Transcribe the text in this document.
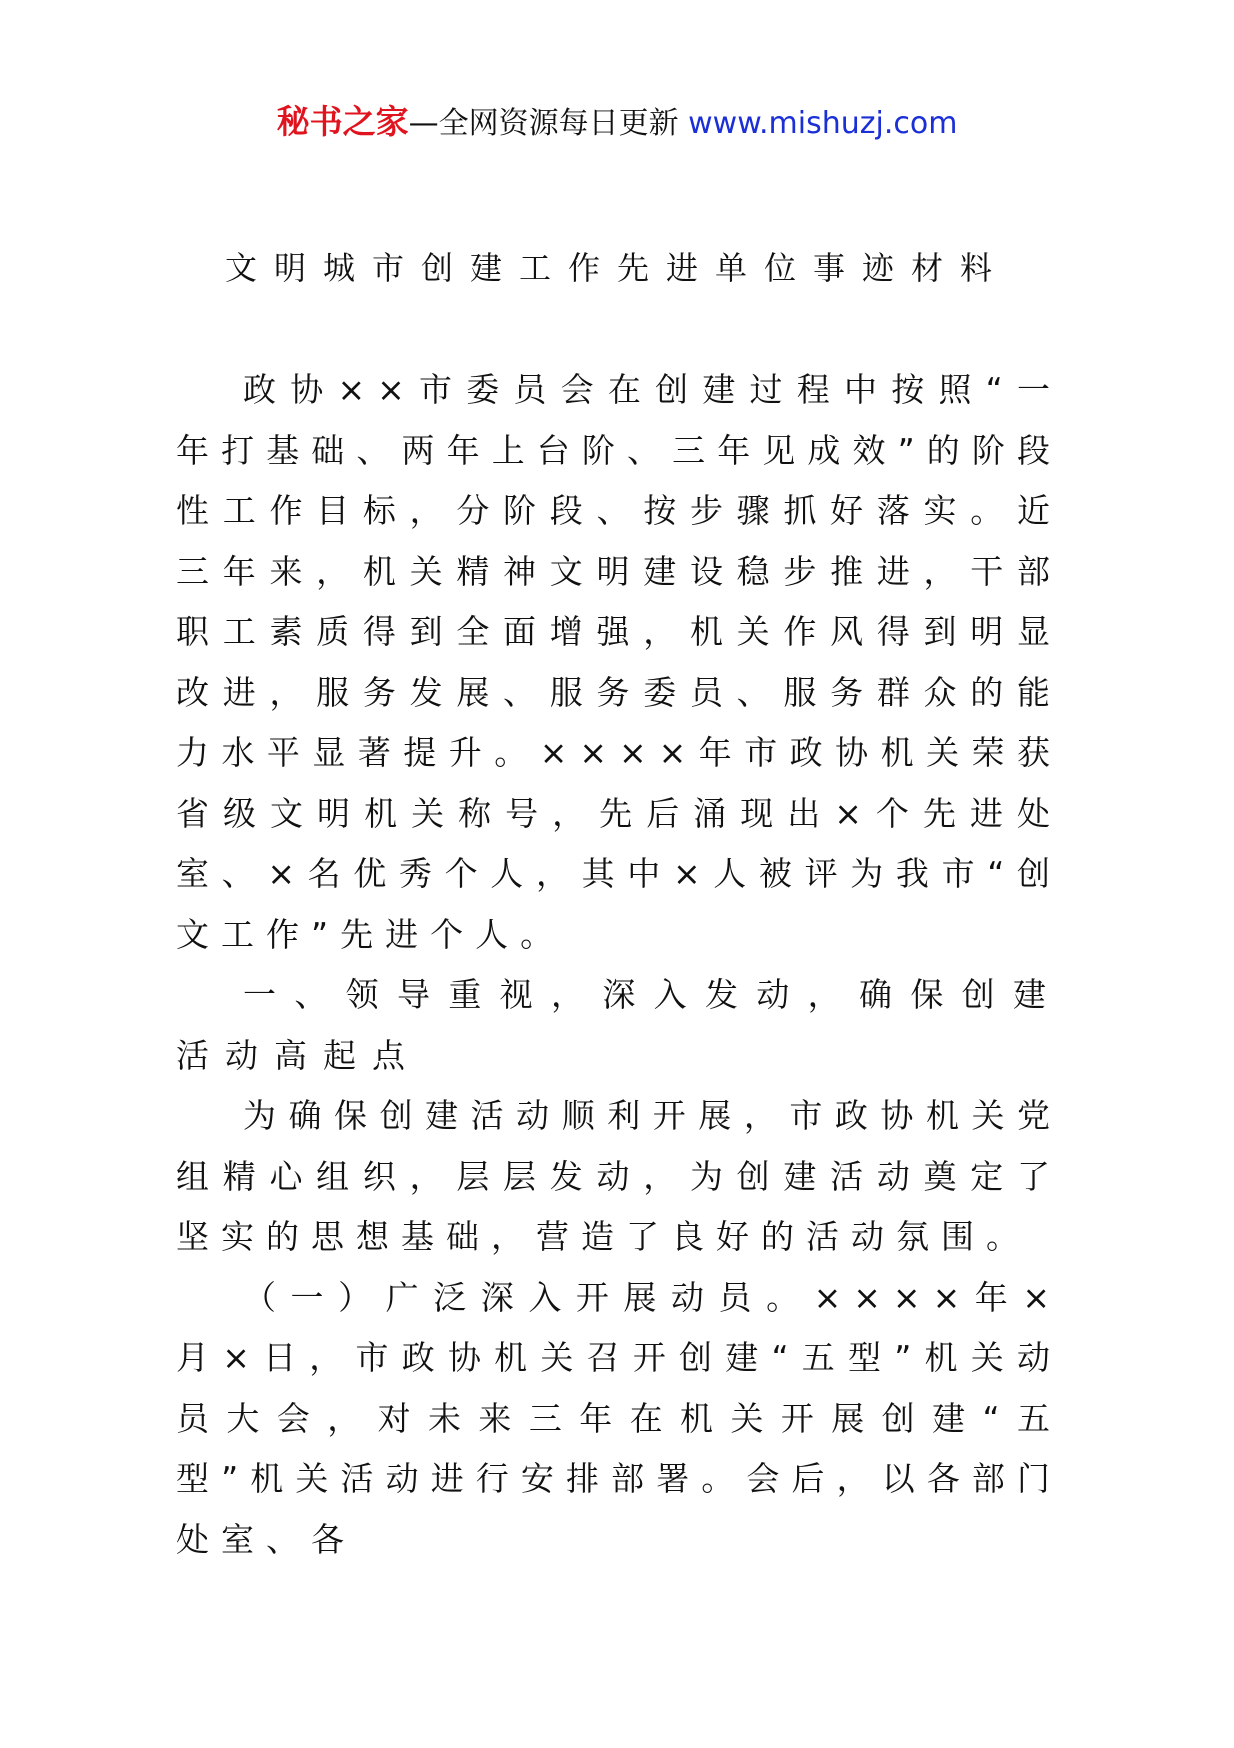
秘书之家—全网资源每日更新 www.mishuzj.com
文明城市创建工作先进单位事迹材料

政协××市委员会在创建过程中按照“一年打基础、两年上台阶、三年见成效”的阶段性工作目标，分阶段、按步骤抓好落实。近三年来，机关精神文明建设稳步推进，干部职工素质得到全面增强，机关作风得到明显改进，服务发展、服务委员、服务群众的能力水平显著提升。××××年市政协机关荣获省级文明机关称号，先后涌现出×个先进处室、×名优秀个人，其中×人被评为我市“创文工作”先进个人。

一、领导重视，深入发动，确保创建活动高起点

为确保创建活动顺利开展，市政协机关党组精心组织，层层发动，为创建活动奠定了坚实的思想基础，营造了良好的活动氛围。

（一）广泛深入开展动员。××××年×月×日，市政协机关召开创建“五型”机关动员大会，对未来三年在机关开展创建“五型”机关活动进行安排部署。会后，以各部门处室、各
